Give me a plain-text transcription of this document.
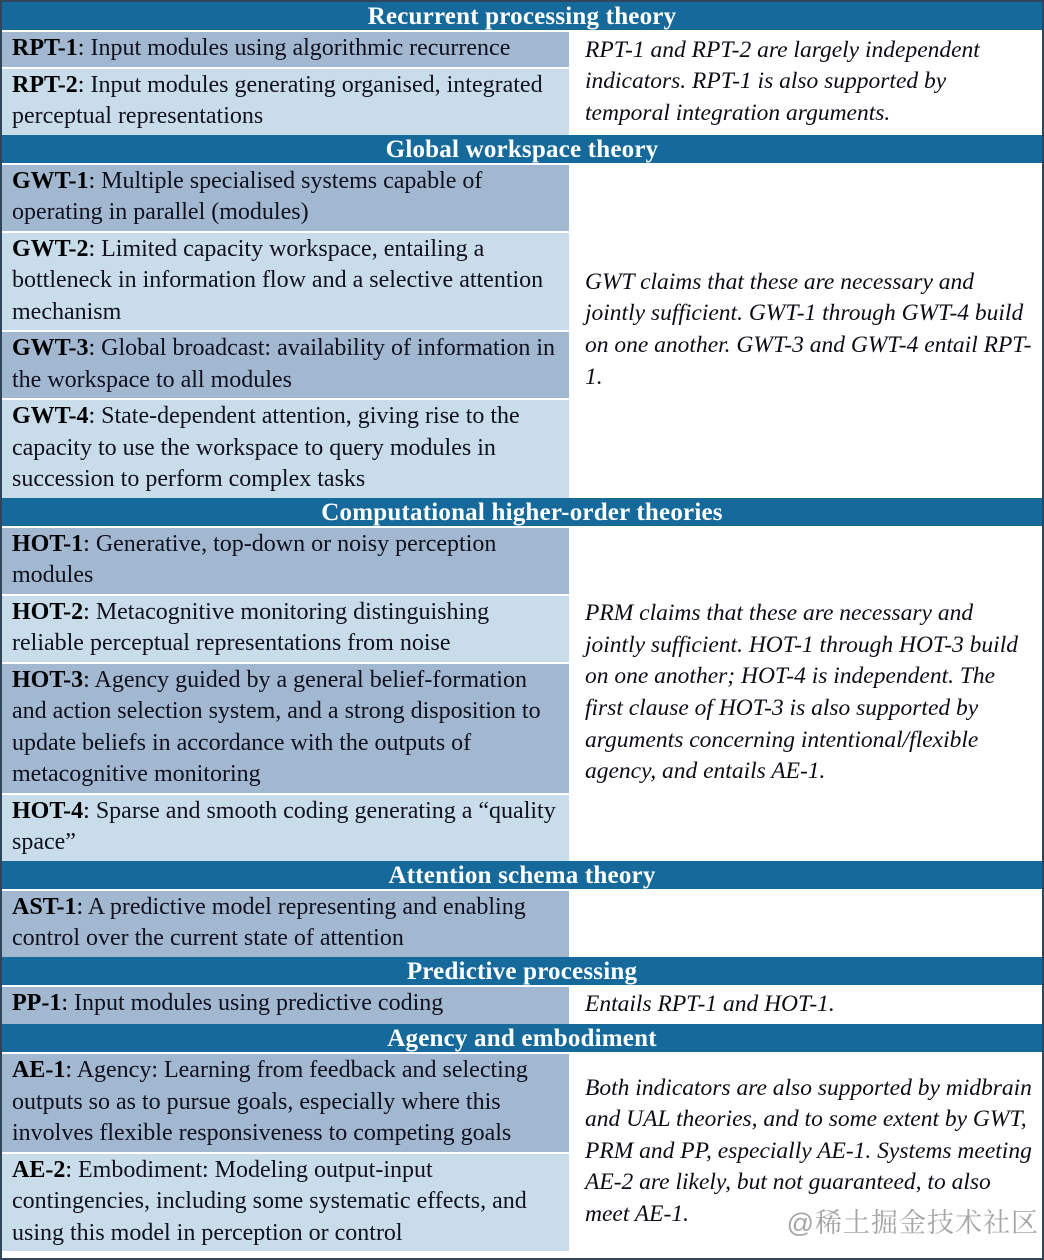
Recurrent processing theory
RPT-1 : Input modules using algorithmic recurrence
RPT-2 : Input modules generating organised, integrated perceptual representations

RPT-1 and RPT-2 are largely independent indicators. RPT-1 is also supported by temporal integration arguments.

Global workspace theory
GWT-1 : Multiple specialised systems capable of operating in parallel (modules)
GWT-2 : Limited capacity workspace, entailing a bottleneck in information flow and a selective attention mechanism
GWT-3 : Global broadcast: availability of information in the workspace to all modules
GWT-4 : State-dependent attention, giving rise to the capacity to use the workspace to query modules in succession to perform complex tasks

GWT claims that these are necessary and jointly sufficient. GWT-1 through GWT-4 build on one another. GWT-3 and GWT-4 entail RPT-1.

Computational higher-order theories
HOT-1 : Generative, top-down or noisy perception modules
HOT-2 : Metacognitive monitoring distinguishing reliable perceptual representations from noise
HOT-3 : Agency guided by a general belief-formation and action selection system, and a strong disposition to update beliefs in accordance with the outputs of metacognitive monitoring
HOT-4 : Sparse and smooth coding generating a “quality space”

PRM claims that these are necessary and jointly sufficient. HOT-1 through HOT-3 build on one another; HOT-4 is independent. The first clause of HOT-3 is also supported by arguments concerning intentional/flexible agency, and entails AE-1.

Attention schema theory
AST-1 : A predictive model representing and enabling control over the current state of attention

Predictive processing
PP-1 : Input modules using predictive coding	Entails RPT-1 and HOT-1.

Agency and embodiment
AE-1 : Agency: Learning from feedback and selecting outputs so as to pursue goals, especially where this involves flexible responsiveness to competing goals
AE-2 : Embodiment: Modeling output-input contingencies, including some systematic effects, and using this model in perception or control

Both indicators are also supported by midbrain and UAL theories, and to some extent by GWT, PRM and PP, especially AE-1. Systems meeting AE-2 are likely, but not guaranteed, to also meet AE-1.	@稀土掘金技术社区
